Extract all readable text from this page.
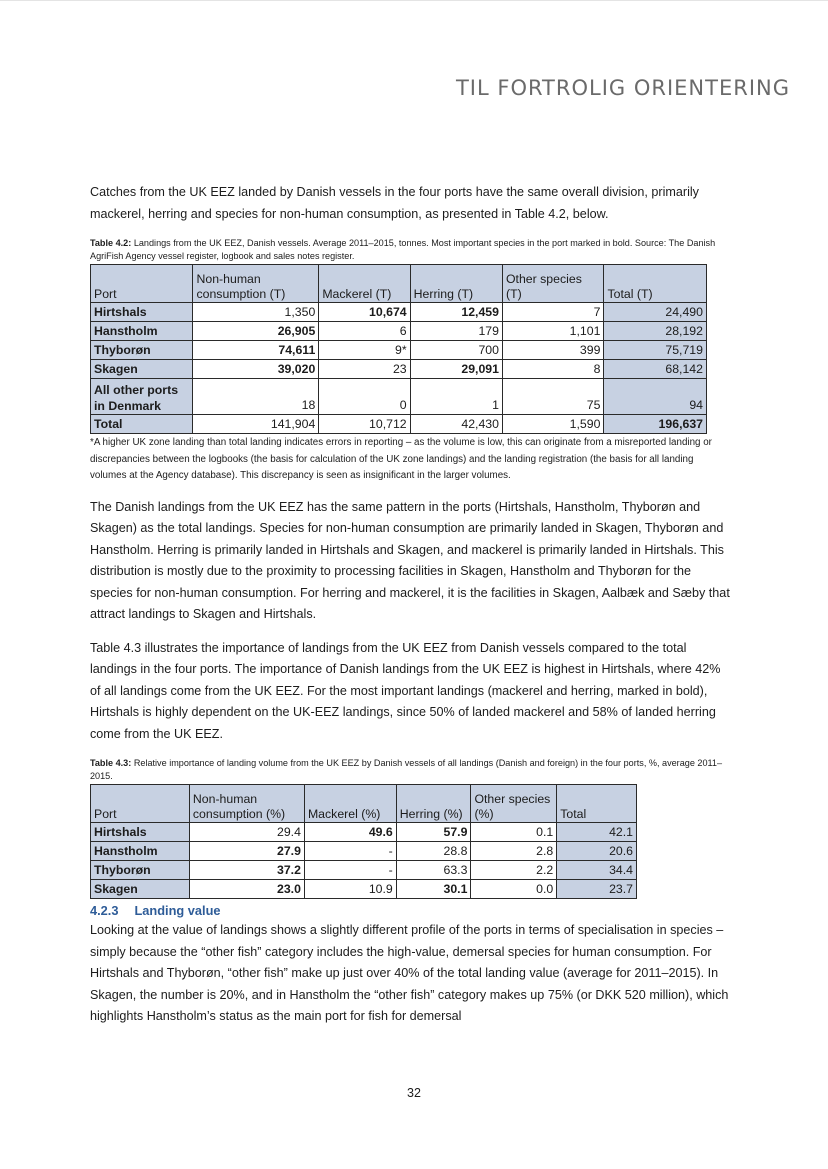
TIL FORTROLIG ORIENTERING

Catches from the UK EEZ landed by Danish vessels in the four ports have the same overall division, primarily mackerel, herring and species for non-human consumption, as presented in Table 4.2, below.

Table 4.2: Landings from the UK EEZ, Danish vessels. Average 2011–2015, tonnes. Most important species in the port marked in bold. Source: The Danish AgriFish Agency vessel register, logbook and sales notes register.
Port	Non-human consumption (T)	Mackerel (T)	Herring (T)	Other species (T)	Total (T)
Hirtshals	1,350	10,674	12,459	7	24,490
Hanstholm	26,905	6	179	1,101	28,192
Thyborøn	74,611	9*	700	399	75,719
Skagen	39,020	23	29,091	8	68,142
All other ports in Denmark	18	0	1	75	94
Total	141,904	10,712	42,430	1,590	196,637
*A higher UK zone landing than total landing indicates errors in reporting – as the volume is low, this can originate from a misreported landing or discrepancies between the logbooks (the basis for calculation of the UK zone landings) and the landing registration (the basis for all landing volumes at the Agency database). This discrepancy is seen as insignificant in the larger volumes.

The Danish landings from the UK EEZ has the same pattern in the ports (Hirtshals, Hanstholm, Thyborøn and Skagen) as the total landings. Species for non-human consumption are primarily landed in Skagen, Thyborøn and Hanstholm. Herring is primarily landed in Hirtshals and Skagen, and mackerel is primarily landed in Hirtshals. This distribution is mostly due to the proximity to processing facilities in Skagen, Hanstholm and Thyborøn for the species for non-human consumption. For herring and mackerel, it is the facilities in Skagen, Aalbæk and Sæby that attract landings to Skagen and Hirtshals.

Table 4.3 illustrates the importance of landings from the UK EEZ from Danish vessels compared to the total landings in the four ports. The importance of Danish landings from the UK EEZ is highest in Hirtshals, where 42% of all landings come from the UK EEZ. For the most important landings (mackerel and herring, marked in bold), Hirtshals is highly dependent on the UK-EEZ landings, since 50% of landed mackerel and 58% of landed herring come from the UK EEZ.

Table 4.3: Relative importance of landing volume from the UK EEZ by Danish vessels of all landings (Danish and foreign) in the four ports, %, average 2011–2015.
Port	Non-human consumption (%)	Mackerel (%)	Herring (%)	Other species (%)	Total
Hirtshals	29.4	49.6	57.9	0.1	42.1
Hanstholm	27.9	-	28.8	2.8	20.6
Thyborøn	37.2	-	63.3	2.2	34.4
Skagen	23.0	10.9	30.1	0.0	23.7
4.2.3 Landing value

Looking at the value of landings shows a slightly different profile of the ports in terms of specialisation in species – simply because the “other fish” category includes the high-value, demersal species for human consumption. For Hirtshals and Thyborøn, “other fish” make up just over 40% of the total landing value (average for 2011–2015). In Skagen, the number is 20%, and in Hanstholm the “other fish” category makes up 75% (or DKK 520 million), which highlights Hanstholm’s status as the main port for fish for demersal

32
